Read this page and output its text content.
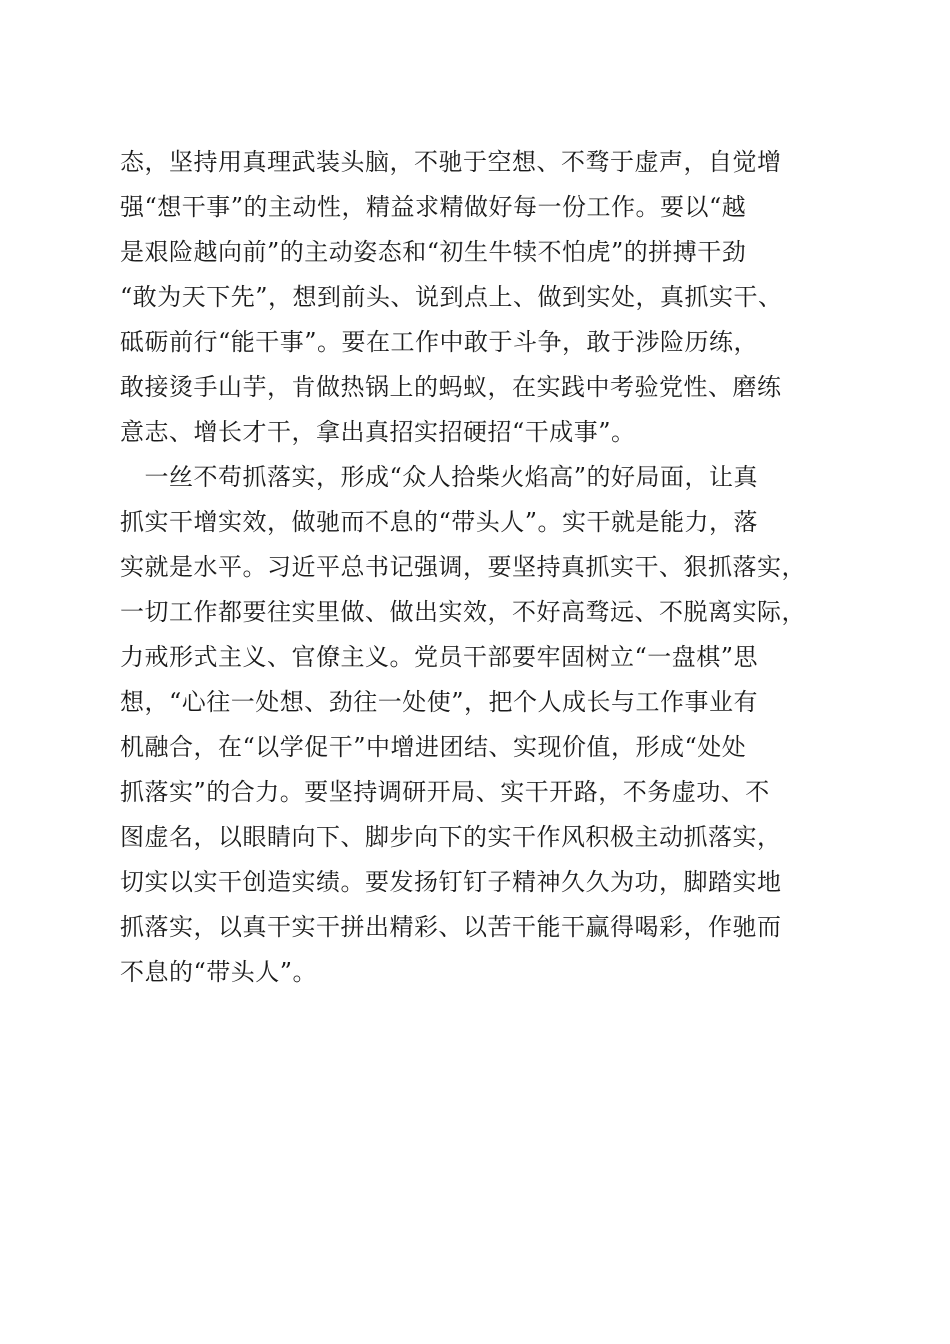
态，坚持用真理武装头脑，不驰于空想、不骛于虚声，自觉增
强“想干事”的主动性，精益求精做好每一份工作。要以“越
是艰险越向前”的主动姿态和“初生牛犊不怕虎”的拼搏干劲
“敢为天下先”，想到前头、说到点上、做到实处，真抓实干、
砥砺前行“能干事”。要在工作中敢于斗争，敢于涉险历练，
敢接烫手山芋，肯做热锅上的蚂蚁，在实践中考验党性、磨练
意志、增长才干，拿出真招实招硬招“干成事”。
　一丝不苟抓落实，形成“众人拾柴火焰高”的好局面，让真
抓实干增实效，做驰而不息的“带头人”。实干就是能力，落
实就是水平。习近平总书记强调，要坚持真抓实干、狠抓落实，
一切工作都要往实里做、做出实效，不好高骛远、不脱离实际，
力戒形式主义、官僚主义。党员干部要牢固树立“一盘棋”思
想，“心往一处想、劲往一处使”，把个人成长与工作事业有
机融合，在“以学促干”中增进团结、实现价值，形成“处处
抓落实”的合力。要坚持调研开局、实干开路，不务虚功、不
图虚名，以眼睛向下、脚步向下的实干作风积极主动抓落实，
切实以实干创造实绩。要发扬钉钉子精神久久为功，脚踏实地
抓落实，以真干实干拼出精彩、以苦干能干赢得喝彩，作驰而
不息的“带头人”。
